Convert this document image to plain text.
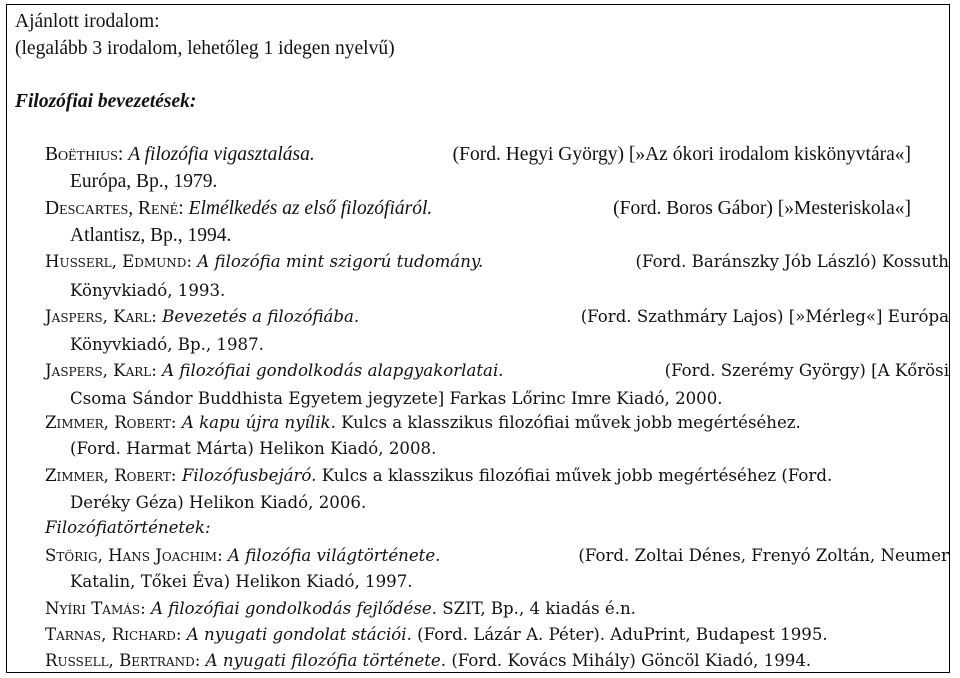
Ajánlott irodalom:
(legalább 3 irodalom, lehetőleg 1 idegen nyelvű)
Filozófiai bevezetések:
Boëthius: A filozófia vigasztalása.	(Ford. Hegyi György) [»Az ókori irodalom kiskönyvtára«]
Európa, Bp., 1979.
Descartes, René: Elmélkedés az első filozófiáról.	(Ford. Boros Gábor) [»Mesteriskola«]
Atlantisz, Bp., 1994.
Husserl, Edmund: A filozófia mint szigorú tudomány.	(Ford. Baránszky Jób László) Kossuth
Könyvkiadó, 1993.
Jaspers, Karl: Bevezetés a filozófiába.	(Ford. Szathmáry Lajos) [»Mérleg«] Európa
Könyvkiadó, Bp., 1987.
Jaspers, Karl: A filozófiai gondolkodás alapgyakorlatai.	(Ford. Szerémy György) [A Kőrösi
Csoma Sándor Buddhista Egyetem jegyzete] Farkas Lőrinc Imre Kiadó, 2000.
Zimmer, Robert: A kapu újra nyílik. Kulcs a klasszikus filozófiai művek jobb megértéséhez.
(Ford. Harmat Márta) Helikon Kiadó, 2008.
Zimmer, Robert: Filozófusbejáró. Kulcs a klasszikus filozófiai művek jobb megértéséhez (Ford.
Deréky Géza) Helikon Kiadó, 2006.
Filozófiatörténetek:
Störig, Hans Joachim: A filozófia világtörténete.	(Ford. Zoltai Dénes, Frenyó Zoltán, Neumer
Katalin, Tőkei Éva) Helikon Kiadó, 1997.
Nyíri Tamás: A filozófiai gondolkodás fejlődése. SZIT, Bp., 4 kiadás é.n.
Tarnas, Richard: A nyugati gondolat stációi. (Ford. Lázár A. Péter). AduPrint, Budapest 1995.
Russell, Bertrand: A nyugati filozófia története. (Ford. Kovács Mihály) Göncöl Kiadó, 1994.
